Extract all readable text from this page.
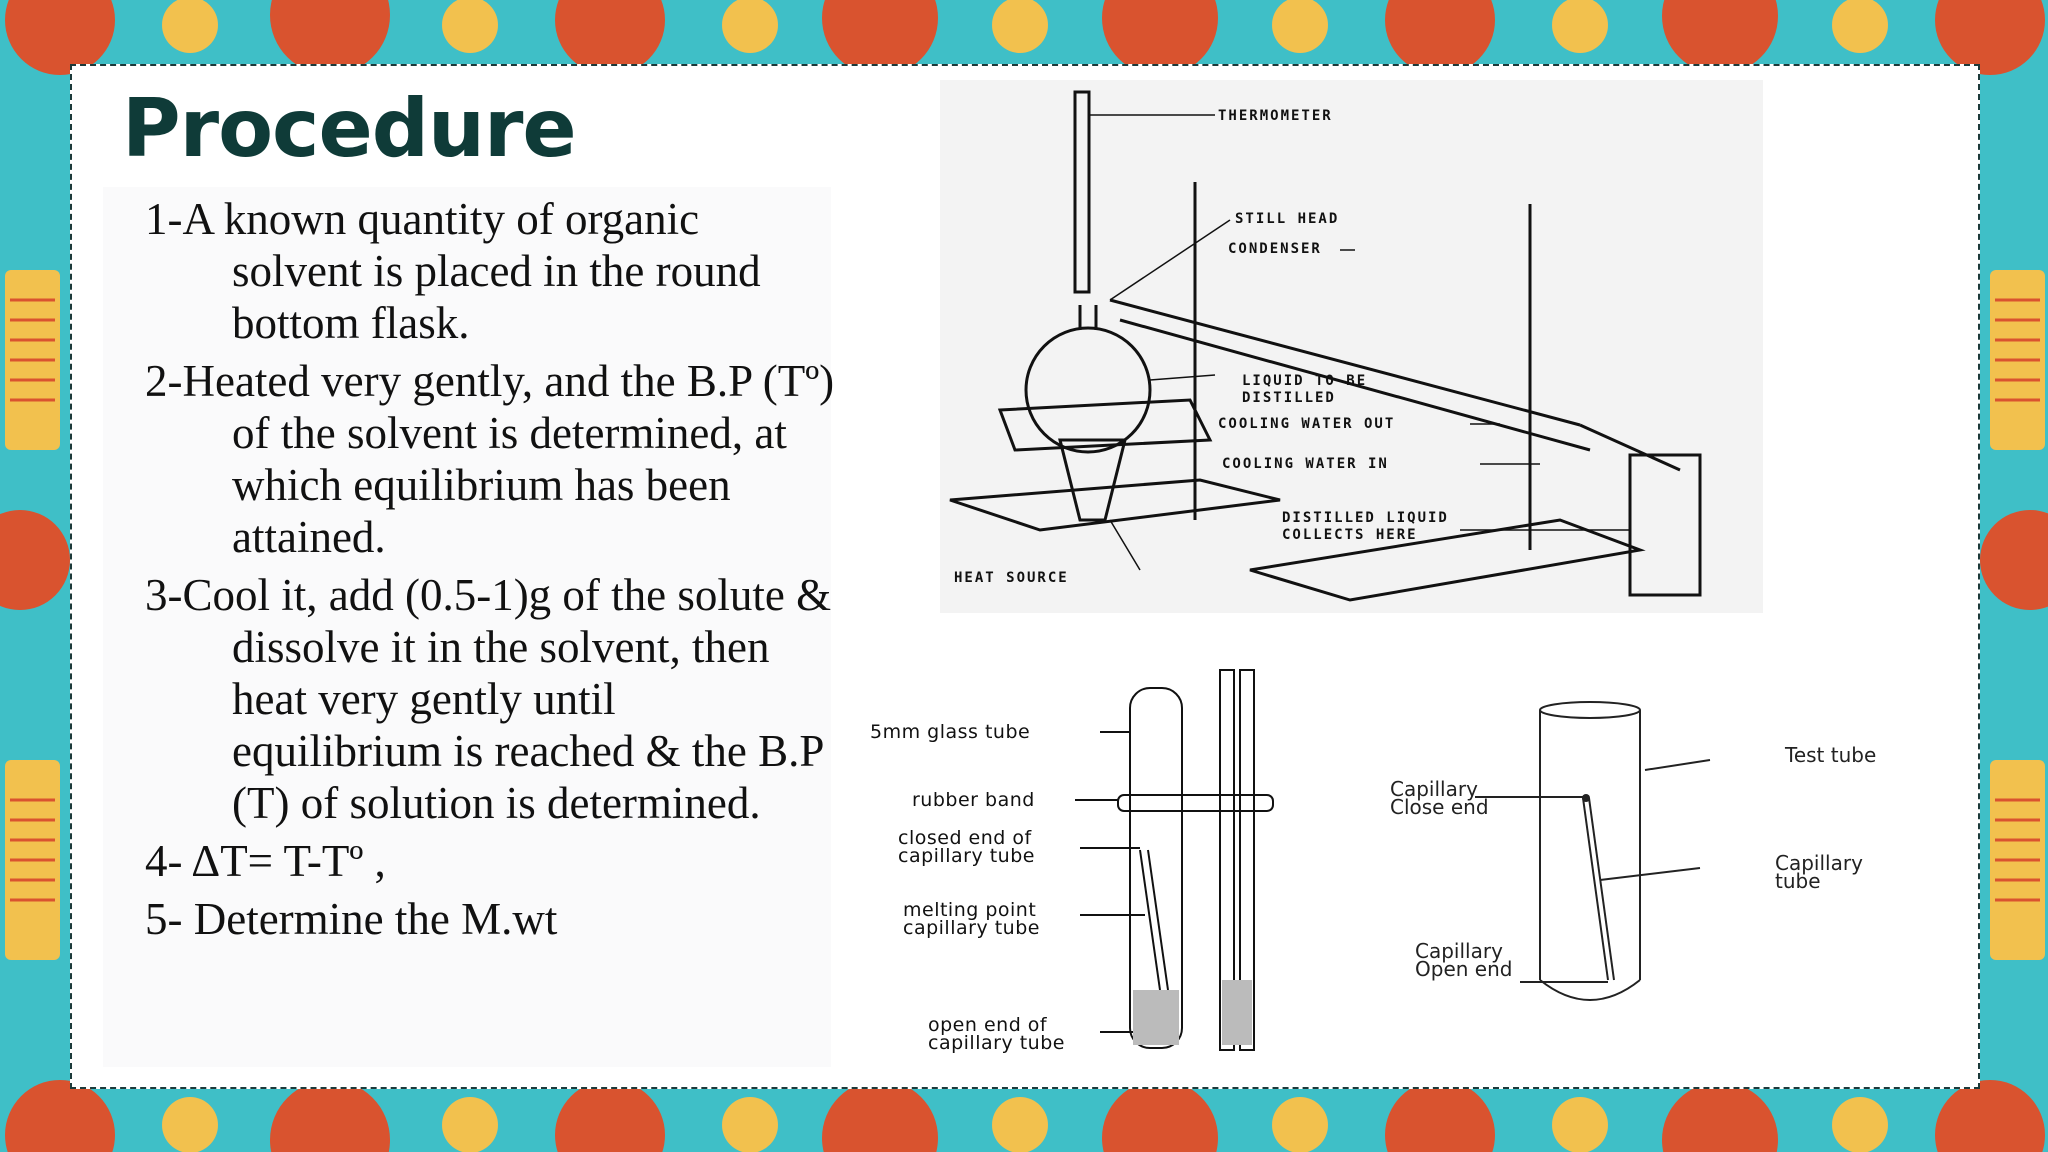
Procedure
1-A known quantity of organic solvent is placed in the round bottom flask.
2-Heated very gently, and the B.P (Tº) of the solvent is determined, at which equilibrium has been attained.
3-Cool it, add (0.5-1)g of the solute & dissolve it in the solvent, then heat very gently until equilibrium is reached & the B.P (T) of solution is determined.
4- ΔT= T-Tº ,
5- Determine the M.wt
THERMOMETER
STILL HEAD
CONDENSER
LIQUID TO BE
DISTILLED
COOLING WATER OUT
COOLING WATER IN
DISTILLED LIQUID
COLLECTS HERE
HEAT SOURCE
5mm glass tube
rubber band
closed end of
capillary tube
melting point
capillary tube
open end of
capillary tube
Test tube
Capillary
Close end
Capillary
tube
Capillary
Open end
